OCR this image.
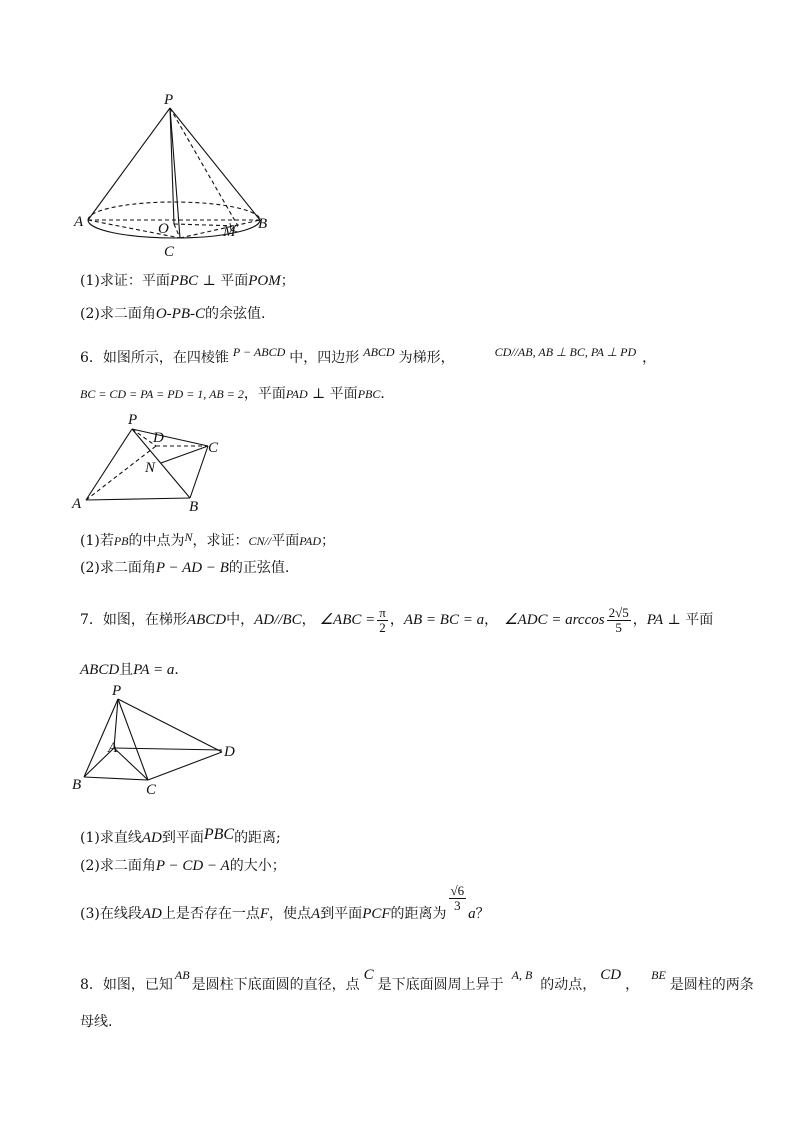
P
A	B
O	M
C
(1)求证：平面PBC ⊥ 平面POM；
(2)求二面角O-PB-C的余弦值.
6．如图所示，在四棱锥 P − ABCD 中，四边形 ABCD 为梯形，	CD//AB, AB ⊥ BC, PA ⊥ PD ，
BC = CD = PA = PD = 1, AB = 2，平面PAD ⊥ 平面PBC．
P
D
C
N
A	B
(1)若PB的中点为N，求证：CN//平面PAD；
(2)求二面角P − AD − B的正弦值.
7．如图，在梯形ABCD中，AD//BC， ∠ABC = $\frac{\pi}{2}$ ，AB = BC = a， ∠ADC = $\arccos \frac{2√5}{5}$ ，PA ⊥ 平面
ABCD且PA = a．
P
A	D
B	C
(1)求直线AD到平面PBC的距离;
(2)求二面角P − CD − A的大小；
(3)在线段AD上是否存在一点F，使点A到平面PCF的距离为
$\frac{√6}{3}$
a？
8．如图，已知AB是圆柱下底面圆的直径，点C是下底面圆周上异于A, B的动点，CD，BE是圆柱的两条
母线.
